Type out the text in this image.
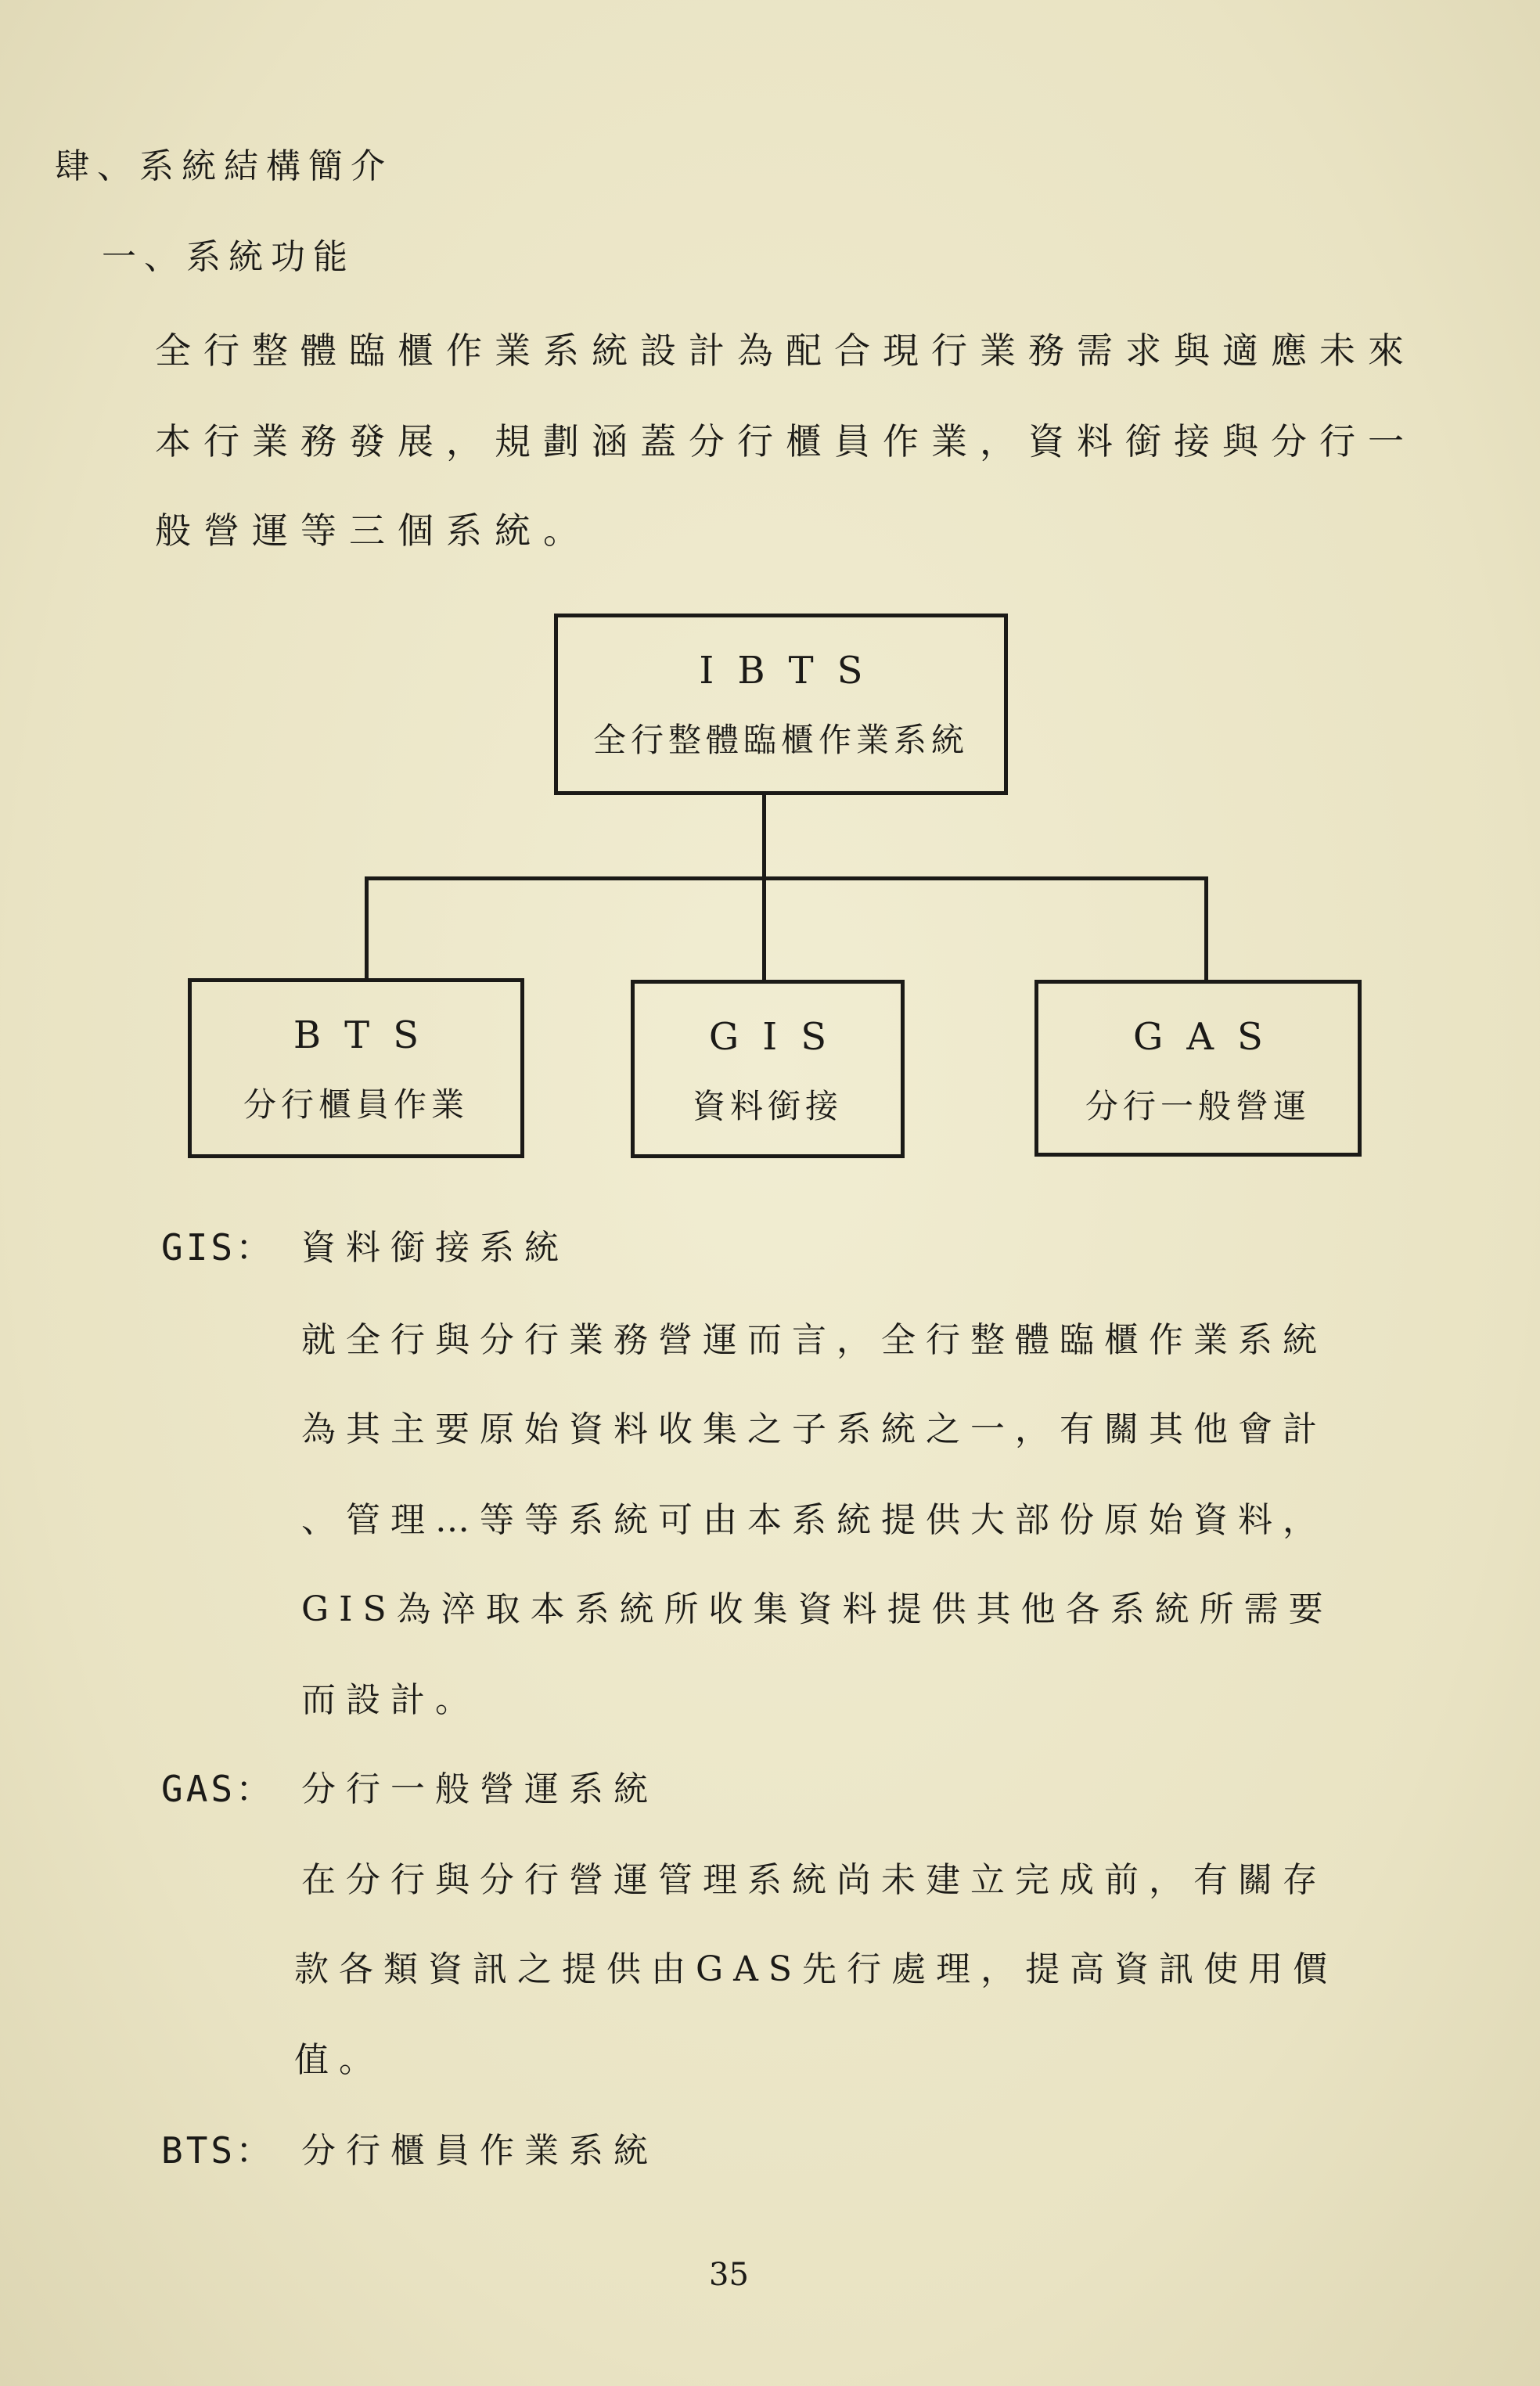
肆、系統結構簡介
一、系統功能
全行整體臨櫃作業系統設計為配合現行業務需求與適應未來
本行業務發展，規劃涵蓋分行櫃員作業，資料銜接與分行一
般營運等三個系統。
IBTS
全行整體臨櫃作業系統
BTS
分行櫃員作業
GIS
資料銜接
GAS
分行一般營運
GIS： 資料銜接系統
就全行與分行業務營運而言，全行整體臨櫃作業系統
為其主要原始資料收集之子系統之一，有關其他會計
、管理…等等系統可由本系統提供大部份原始資料，
GIS為淬取本系統所收集資料提供其他各系統所需要
而設計。
GAS： 分行一般營運系統
在分行與分行營運管理系統尚未建立完成前，有關存
款各類資訊之提供由GAS先行處理，提高資訊使用價
值。
BTS： 分行櫃員作業系統
35
